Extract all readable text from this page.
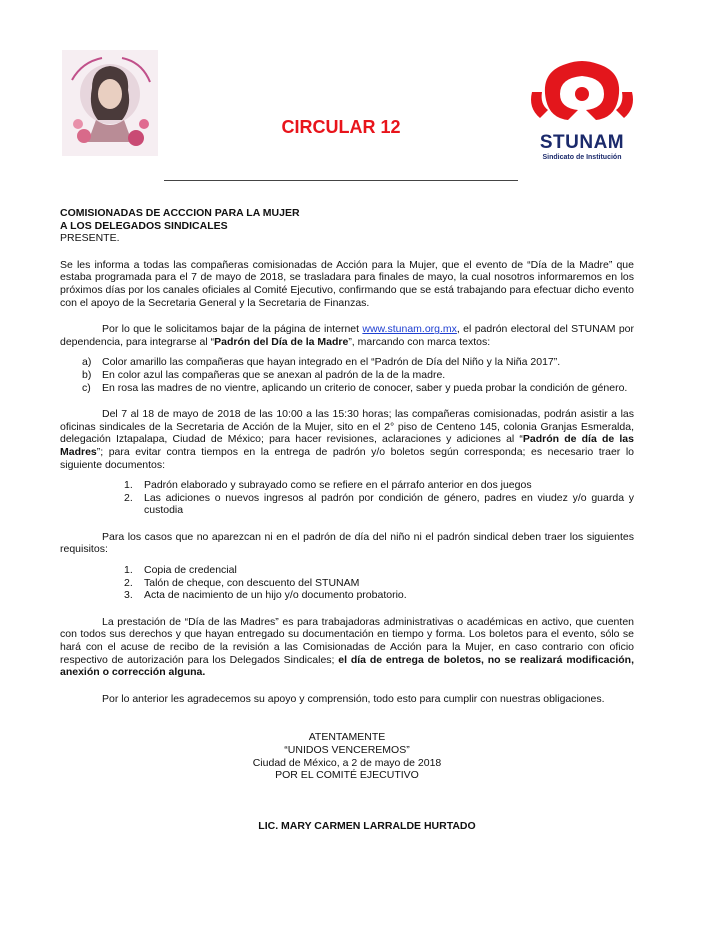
STUNAM
Sindicato de Institución
CIRCULAR 12

COMISIONADAS DE ACCCION PARA LA MUJER

A LOS DELEGADOS SINDICALES

PRESENTE.

Se les informa a todas las compañeras comisionadas de Acción para la Mujer, que el evento de “Día de la Madre” que estaba programada para el 7 de mayo de 2018, se trasladara para finales de mayo, la cual nosotros informaremos en los próximos días por los canales oficiales al Comité Ejecutivo, confirmando que se está trabajando para efectuar dicho evento con el apoyo de la Secretaria General y la Secretaria de Finanzas.

Por lo que le solicitamos bajar de la página de internet www.stunam.org.mx, el padrón electoral del STUNAM por dependencia, para integrarse al “Padrón del Día de la Madre”, marcando con marca textos:

a) Color amarillo las compañeras que hayan integrado en el “Padrón de Día del Niño y la Niña 2017”.
b) En color azul las compañeras que se anexan al padrón de la de la madre.
c) En rosa las madres de no vientre, aplicando un criterio de conocer, saber y pueda probar la condición de género.

Del 7 al 18 de mayo de 2018 de las 10:00 a las 15:30 horas; las compañeras comisionadas, podrán asistir a las oficinas sindicales de la Secretaria de Acción de la Mujer, sito en el 2° piso de Centeno 145, colonia Granjas Esmeralda, delegación Iztapalapa, Ciudad de México; para hacer revisiones, aclaraciones y adiciones al “Padrón de día de las Madres”; para evitar contra tiempos en la entrega de padrón y/o boletos según corresponda; es necesario traer lo siguiente documentos:

1. Padrón elaborado y subrayado como se refiere en el párrafo anterior en dos juegos
2. Las adiciones o nuevos ingresos al padrón por condición de género, padres en viudez y/o guarda y custodia

Para los casos que no aparezcan ni en el padrón de día del niño ni el padrón sindical deben traer los siguientes requisitos:

1. Copia de credencial
2. Talón de cheque, con descuento del STUNAM
3. Acta de nacimiento de un hijo y/o documento probatorio.

La prestación de “Día de las Madres” es para trabajadoras administrativas o académicas en activo, que cuenten con todos sus derechos y que hayan entregado su documentación en tiempo y forma. Los boletos para el evento, sólo se hará con el acuse de recibo de la revisión a las Comisionadas de Acción para la Mujer, en caso contrario con oficio respectivo de autorización para los Delegados Sindicales; el día de entrega de boletos, no se realizará modificación, anexión o corrección alguna.

Por lo anterior les agradecemos su apoyo y comprensión, todo esto para cumplir con nuestras obligaciones.

ATENTAMENTE

“UNIDOS VENCEREMOS”

Ciudad de México, a 2 de mayo de 2018

POR EL COMITÉ EJECUTIVO

LIC. MARY CARMEN LARRALDE HURTADO
